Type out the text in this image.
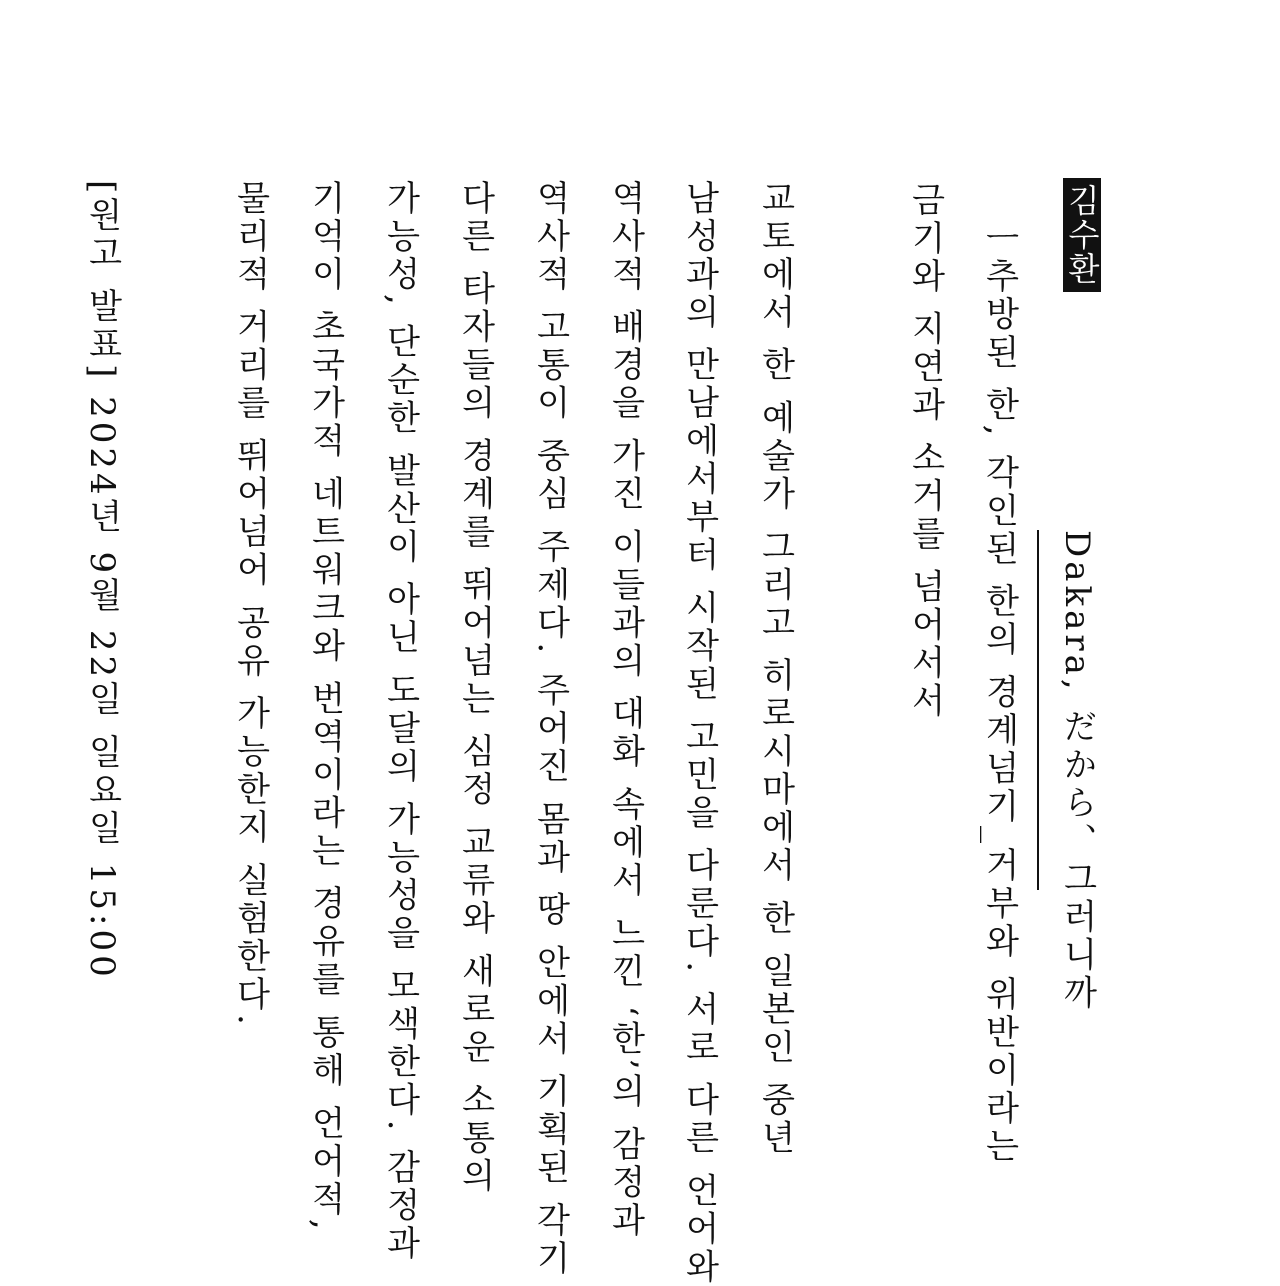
김수환
Dakara, だから、그러니까
ㅡ추방된 한, 각인된 한의 경계넘기_거부와 위반이라는
금기와 지연과 소거를 넘어서서
교토에서 한 예술가 그리고 히로시마에서 한 일본인 중년
남성과의 만남에서부터 시작된 고민을 다룬다. 서로 다른 언어와
역사적 배경을 가진 이들과의 대화 속에서 느낀 ‘한’의 감정과
역사적 고통이 중심 주제다. 주어진 몸과 땅 안에서 기획된 각기
다른 타자들의 경계를 뛰어넘는 심정 교류와 새로운 소통의
가능성, 단순한 발산이 아닌 도달의 가능성을 모색한다. 감정과
기억이 초국가적 네트워크와 번역이라는 경유를 통해 언어적,
물리적 거리를 뛰어넘어 공유 가능한지 실험한다.
[원고 발표] 2024년 9월 22일 일요일 15:00
